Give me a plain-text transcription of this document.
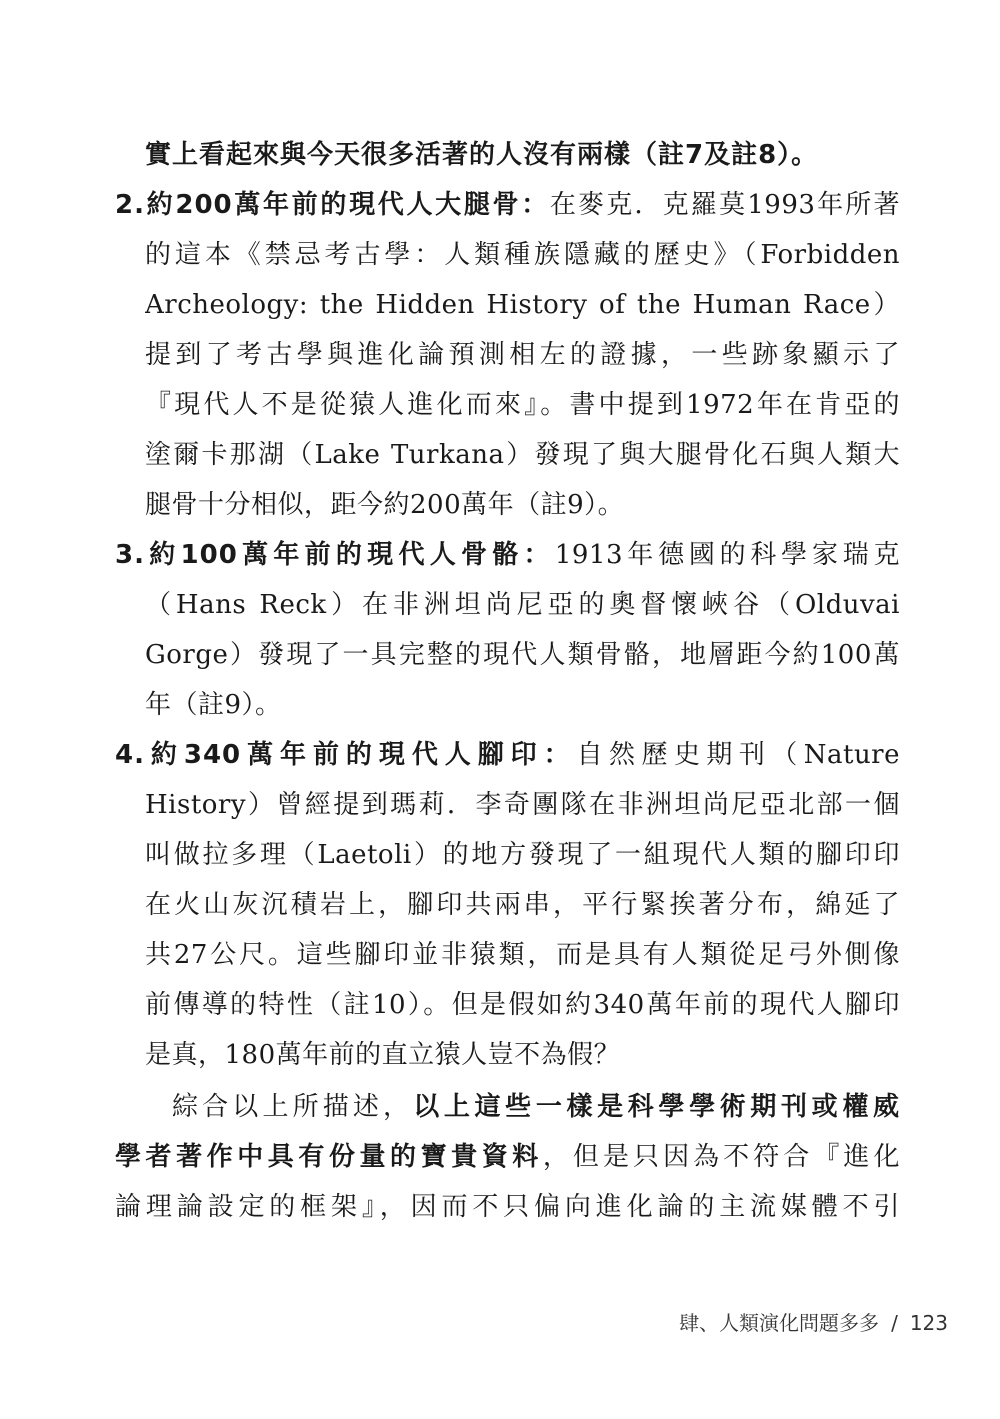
實上看起來與今天很多活著的人沒有兩樣（註7及註8）。
2.約200萬年前的現代人大腿骨：在麥克．克羅莫1993年所著
的這本《禁忌考古學：人類種族隱藏的歷史》（Forbidden
Archeology: the Hidden History of the Human Race）
提到了考古學與進化論預測相左的證據，一些跡象顯示了
『現代人不是從猿人進化而來』。書中提到1972年在肯亞的
塗爾卡那湖（Lake Turkana）發現了與大腿骨化石與人類大
腿骨十分相似，距今約200萬年（註9）。
3.約100萬年前的現代人骨骼：1913年德國的科學家瑞克
（Hans Reck）在非洲坦尚尼亞的奧督懷峽谷（Olduvai
Gorge）發現了一具完整的現代人類骨骼，地層距今約100萬
年（註9）。
4.約340萬年前的現代人腳印：自然歷史期刊（Nature
History）曾經提到瑪莉．李奇團隊在非洲坦尚尼亞北部一個
叫做拉多理（Laetoli）的地方發現了一組現代人類的腳印印
在火山灰沉積岩上，腳印共兩串，平行緊挨著分布，綿延了
共27公尺。這些腳印並非猿類，而是具有人類從足弓外側像
前傳導的特性（註10）。但是假如約340萬年前的現代人腳印
是真，180萬年前的直立猿人豈不為假？
綜合以上所描述，以上這些一樣是科學學術期刊或權威
學者著作中具有份量的寶貴資料，但是只因為不符合『進化
論理論設定的框架』，因而不只偏向進化論的主流媒體不引
肆、人類演化問題多多 / 123
